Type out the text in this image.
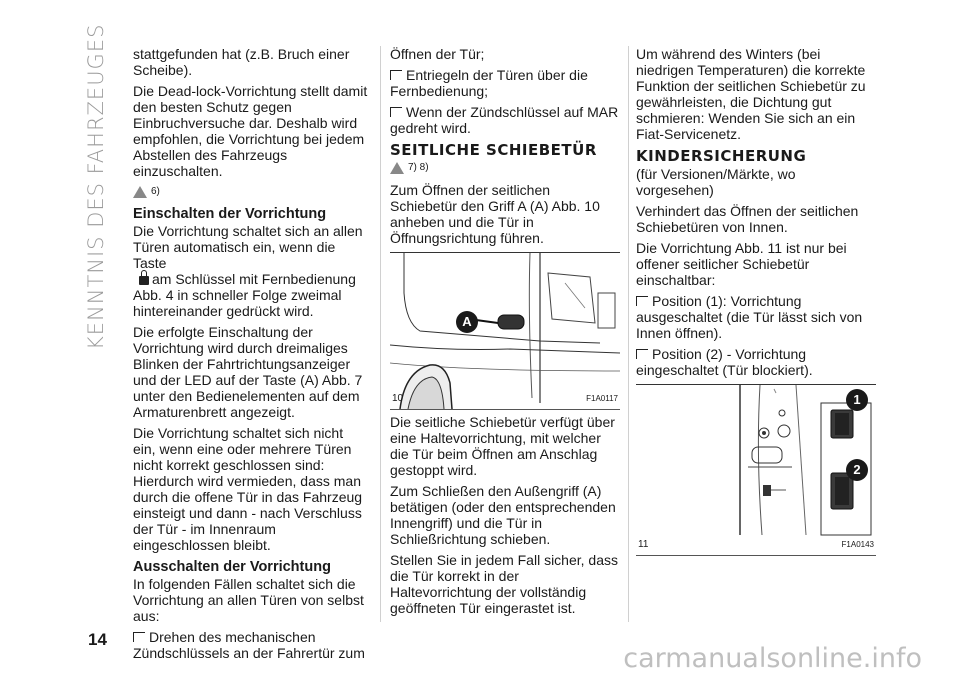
KENNTNIS DES FAHRZEUGES stattgefunden hat (z.B. Bruch einer Scheibe).

Die Dead-lock-Vorrichtung stellt damit den besten Schutz gegen Einbruchversuche dar. Deshalb wird empfohlen, die Vorrichtung bei jedem Abstellen des Fahrzeugs einzuschalten.

6)
Einschalten der Vorrichtung

Die Vorrichtung schaltet sich an allen Türen automatisch ein, wenn die Taste
am Schlüssel mit Fernbedienung Abb. 4 in schneller Folge zweimal hintereinander gedrückt wird.

Die erfolgte Einschaltung der Vorrichtung wird durch dreimaliges Blinken der Fahrtrichtungsanzeiger und der LED auf der Taste (A) Abb. 7 unter den Bedienelementen auf dem Armaturenbrett angezeigt.

Die Vorrichtung schaltet sich nicht ein, wenn eine oder mehrere Türen nicht korrekt geschlossen sind: Hierdurch wird vermieden, dass man durch die offene Tür in das Fahrzeug einsteigt und dann - nach Verschluss der Tür - im Innenraum eingeschlossen bleibt.

Ausschalten der Vorrichtung

In folgenden Fällen schaltet sich die Vorrichtung an allen Türen von selbst aus:

Drehen des mechanischen Zündschlüssels an der Fahrertür zum

Öffnen der Tür;

Entriegeln der Türen über die Fernbedienung;

Wenn der Zündschlüssel auf MAR gedreht wird.

SEITLICHE SCHIEBETÜR
7) 8)

Zum Öffnen der seitlichen Schiebetür den Griff A (A) Abb. 10 anheben und die Tür in Öffnungsrichtung führen.

A
10	F1A0117

Die seitliche Schiebetür verfügt über eine Haltevorrichtung, mit welcher die Tür beim Öffnen am Anschlag gestoppt wird.

Zum Schließen den Außengriff (A) betätigen (oder den entsprechenden Innengriff) und die Tür in Schließrichtung schieben.

Stellen Sie in jedem Fall sicher, dass die Tür korrekt in der Haltevorrichtung der vollständig geöffneten Tür eingerastet ist.

Um während des Winters (bei niedrigen Temperaturen) die korrekte Funktion der seitlichen Schiebetür zu gewährleisten, die Dichtung gut schmieren: Wenden Sie sich an ein Fiat-Servicenetz.

KINDERSICHERUNG

(für Versionen/Märkte, wo vorgesehen)

Verhindert das Öffnen der seitlichen Schiebetüren von Innen.

Die Vorrichtung Abb. 11 ist nur bei offener seitlicher Schiebetür einschaltbar:

Position (1): Vorrichtung ausgeschaltet (die Tür lässt sich von Innen öffnen).

Position (2) - Vorrichtung eingeschaltet (Tür blockiert).

1
2
11	F1A0143
14
carmanualsonline.info
